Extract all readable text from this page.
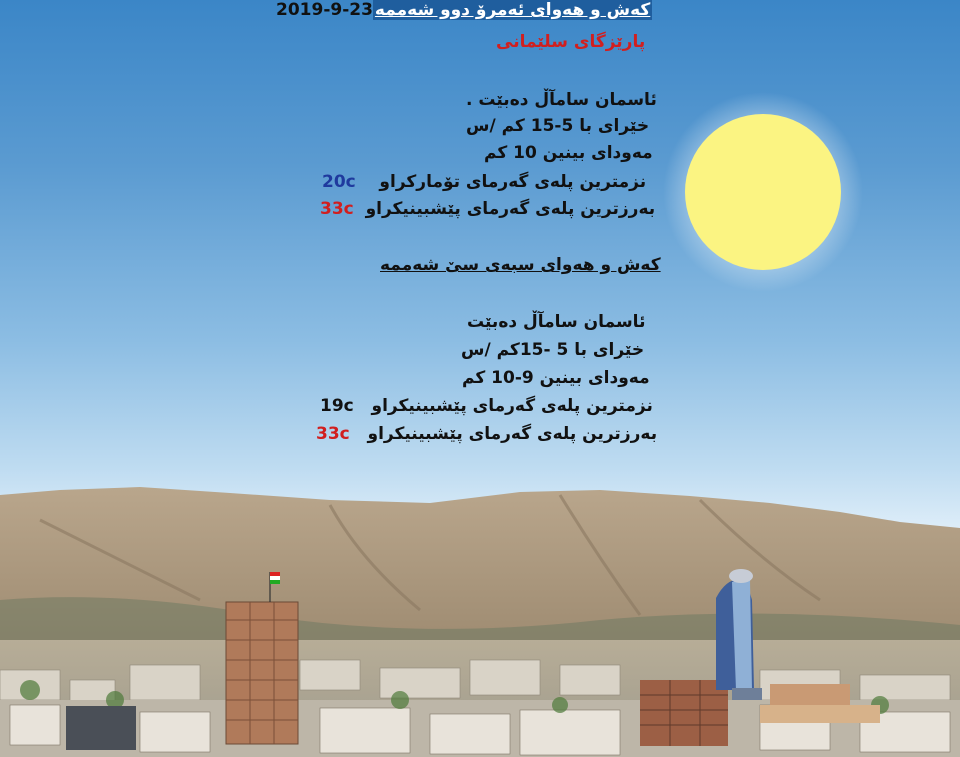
2019-9-23 کەش و هەوای ئەمرۆ دوو شەممە
پارێزگای سلێمانی
ئاسمان سامآڵ دەبێت .
خێرای با 5-15 کم /س
مەودای بینین 10 کم
20c نزمترین پلەی گەرمای تۆمارکراو
33c بەرزترین پلەی گەرمای پێشبینیکراو
کەش و هەوای سبەی سێ شەممە
ئاسمان سامآڵ دەبێت
خێرای با 5 -15کم /س
مەودای بینین 9-10 کم
19c نزمترین پلەی گەرمای پێشبینیکراو
33c بەرزترین پلەی گەرمای پێشبینیکراو
